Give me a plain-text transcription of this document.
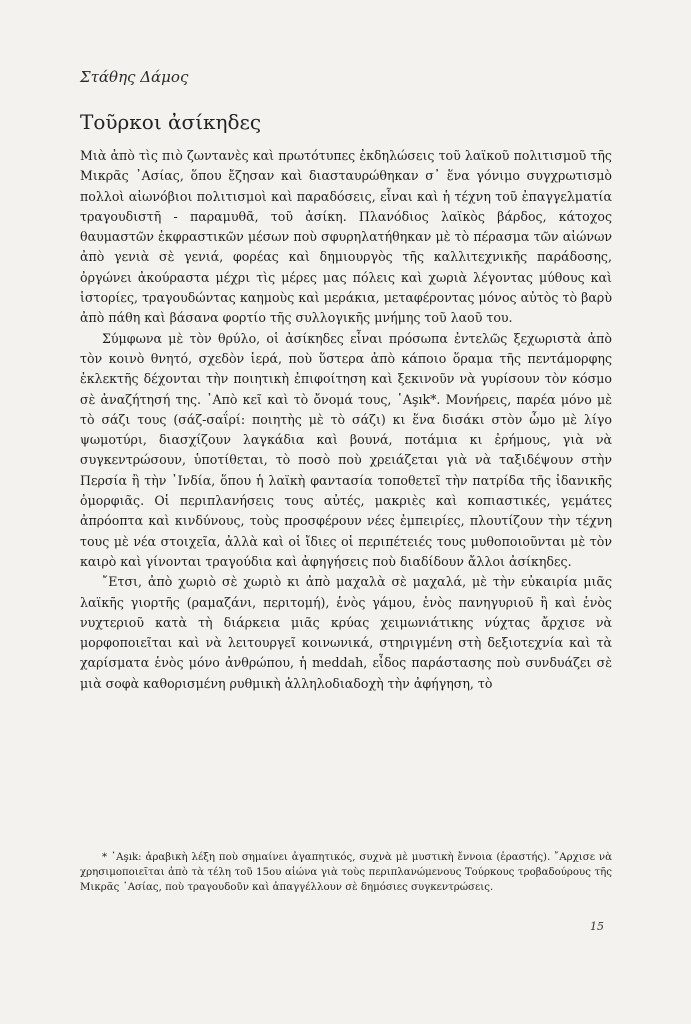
Στάθης Δάμος
Τοῦρκοι ἀσίκηδες

Μιὰ ἀπὸ τὶς πιὸ ζωντανὲς καὶ πρωτότυπες ἐκδηλώσεις τοῦ λαϊκοῦ πολιτισμοῦ τῆς Μικρᾶς ᾿Ασίας, ὅπου ἔζησαν καὶ διασταυρώθηκαν σ᾿ ἕνα γόνιμο συγχρωτισμὸ πολλοὶ αἰωνόβιοι πολιτισμοὶ καὶ παραδόσεις, εἶναι καὶ ἡ τέχνη τοῦ ἐπαγγελματία τραγουδιστῆ - παραμυθᾶ, τοῦ ἀσίκη. Πλανόδιος λαϊκὸς βάρδος, κάτοχος θαυμαστῶν ἐκφραστικῶν μέσων ποὺ σφυρηλατήθηκαν μὲ τὸ πέρασμα τῶν αἰώνων ἀπὸ γενιὰ σὲ γενιά, φορέας καὶ δημιουργὸς τῆς καλλιτεχνικῆς παράδοσης, ὀργώνει ἀκούραστα μέχρι τὶς μέρες μας πόλεις καὶ χωριὰ λέγοντας μύθους καὶ ἱστορίες, τραγουδώντας καημοὺς καὶ μεράκια, μεταφέροντας μόνος αὐτὸς τὸ βαρὺ ἀπὸ πάθη καὶ βάσανα φορτίο τῆς συλλογικῆς μνήμης τοῦ λαοῦ του.

Σύμφωνα μὲ τὸν θρύλο, οἱ ἀσίκηδες εἶναι πρόσωπα ἐντελῶς ξεχωριστὰ ἀπὸ τὸν κοινὸ θνητό, σχεδὸν ἱερά, ποὺ ὕστερα ἀπὸ κάποιο ὅραμα τῆς πεντάμορφης ἐκλεκτῆς δέχονται τὴν ποιητικὴ ἐπιφοίτηση καὶ ξεκινοῦν νὰ γυρίσουν τὸν κόσμο σὲ ἀναζήτησή της. ᾿Απὸ κεῖ καὶ τὸ ὄνομά τους, ῾Aşık*. Μονήρεις, παρέα μόνο μὲ τὸ σάζι τους (σάζ-σαΐρί: ποιητὴς μὲ τὸ σάζι) κι ἕνα δισάκι στὸν ὦμο μὲ λίγο ψωμοτύρι, διασχίζουν λαγκάδια καὶ βουνά, ποτάμια κι ἐρήμους, γιὰ νὰ συγκεντρώσουν, ὑποτίθεται, τὸ ποσὸ ποὺ χρειάζεται γιὰ νὰ ταξιδέψουν στὴν Περσία ἢ τὴν ᾿Ινδία, ὅπου ἡ λαϊκὴ φαντασία τοποθετεῖ τὴν πατρίδα τῆς ἰδανικῆς ὀμορφιᾶς. Οἱ περιπλανήσεις τους αὐτές, μακριὲς καὶ κοπιαστικές, γεμάτες ἀπρόοπτα καὶ κινδύνους, τοὺς προσφέρουν νέες ἐμπειρίες, πλουτίζουν τὴν τέχνη τους μὲ νέα στοιχεῖα, ἀλλὰ καὶ οἱ ἴδιες οἱ περιπέτειές τους μυθοποιοῦνται μὲ τὸν καιρὸ καὶ γίνονται τραγούδια καὶ ἀφηγήσεις ποὺ διαδίδουν ἄλλοι ἀσίκηδες.

῎Ετσι, ἀπὸ χωριὸ σὲ χωριὸ κι ἀπὸ μαχαλὰ σὲ μαχαλά, μὲ τὴν εὐκαιρία μιᾶς λαϊκῆς γιορτῆς (ραμαζάνι, περιτομή), ἑνὸς γάμου, ἑνὸς πανηγυριοῦ ἢ καὶ ἑνὸς νυχτεριοῦ κατὰ τὴ διάρκεια μιᾶς κρύας χειμωνιάτικης νύχτας ἄρχισε νὰ μορφοποιεῖται καὶ νὰ λειτουργεῖ κοινωνικά, στηριγμένη στὴ δεξιοτεχνία καὶ τὰ χαρίσματα ἑνὸς μόνο ἀνθρώπου, ἡ meddah, εἶδος παράστασης ποὺ συνδυάζει σὲ μιὰ σοφὰ καθορισμένη ρυθμικὴ ἀλληλοδιαδοχὴ τὴν ἀφήγηση, τὸ

* ῾Aşık: ἀραβικὴ λέξη ποὺ σημαίνει ἀγαπητικός, συχνὰ μὲ μυστικὴ ἔννοια (ἐραστής). ῎Αρχισε νὰ χρησιμοποιεῖται ἀπὸ τὰ τέλη τοῦ 15ου αἰώνα γιὰ τοὺς περιπλανώμενους Τούρκους τροβαδούρους τῆς Μικρᾶς ᾿Ασίας, ποὺ τραγουδοῦν καὶ ἀπαγγέλλουν σὲ δημόσιες συγκεντρώσεις.
15
